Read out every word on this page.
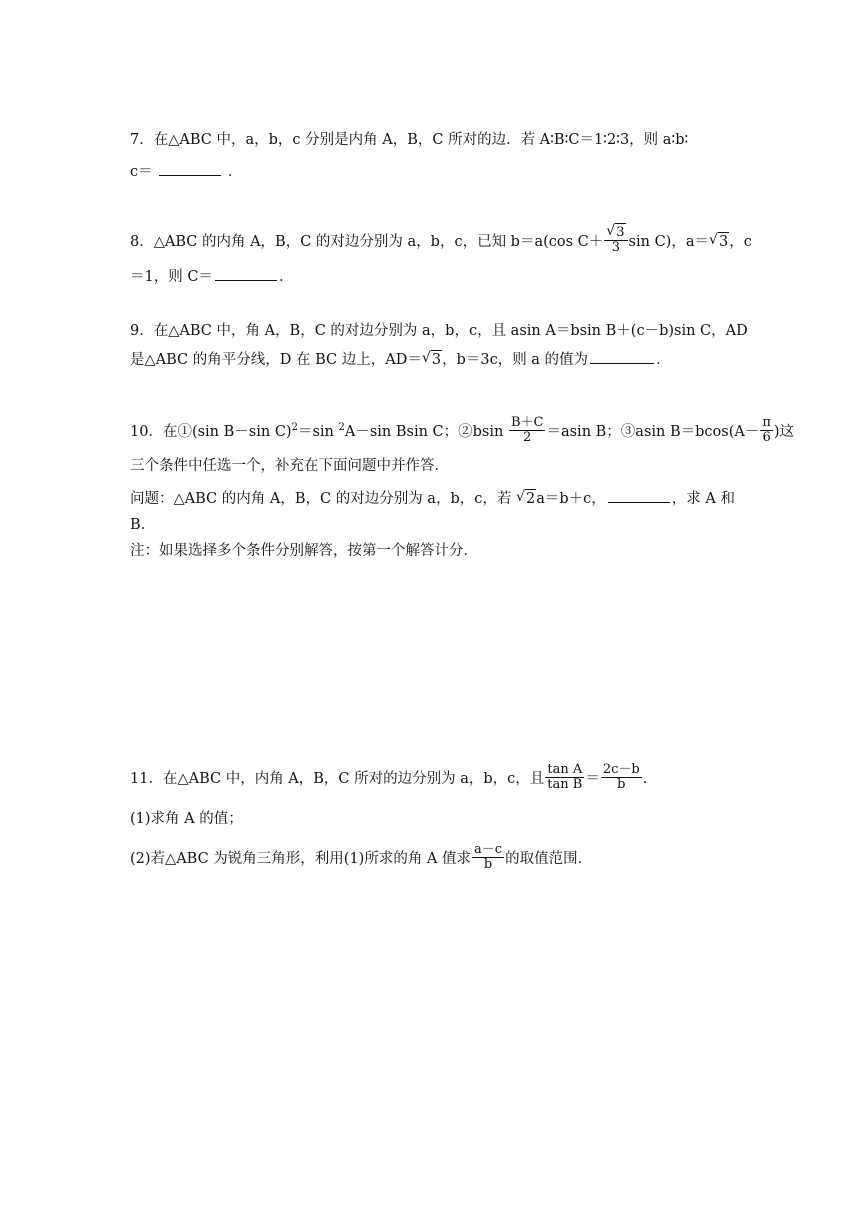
7．在△ABC 中，a，b，c 分别是内角 A，B，C 所对的边．若 A∶B∶C＝1∶2∶3，则 a∶b∶
c＝	．
8．△ABC 的内角 A，B，C 的对边分别为 a，b，c，已知 b＝a(cos $C+ \frac{√ 3}{3}$ sin C)，a＝ √ 3，c
＝1，则 C＝	．
9．在△ABC 中，角 A，B，C 的对边分别为 a，b，c，且 asin A＝bsin B＋(c－b)sin C，AD
是△ABC 的角平分线，D 在 BC 边上，AD＝ √ 3，b＝3c，则 a 的值为	．
10．在①(sin B－sin C)$^2$＝sin $^2$A－sin Bsin C；②bsin $\frac{B+C}{2} =asin$ B；③asin $B=bcos(A- \frac{\pi}{6}$ )这
三个条件中任选一个，补充在下面问题中并作答．
问题：△ABC 的内角 A，B，C 的对边分别为 a，b，c，若 √ 2a＝b＋c，	，求 A 和
B.
注：如果选择多个条件分别解答，按第一个解答计分．
11．在△ABC 中，内角 A，B，C 所对的边分别为 a，b，c，且 $\frac{\text{tan A}}{\text{tan B}} = \frac{2c-b}{b}$ .
(1)求角 A 的值；
(2)若△ABC 为锐角三角形，利用(1)所求的角 A 值求 $\frac{a-c}{b}$ 的取值范围．
